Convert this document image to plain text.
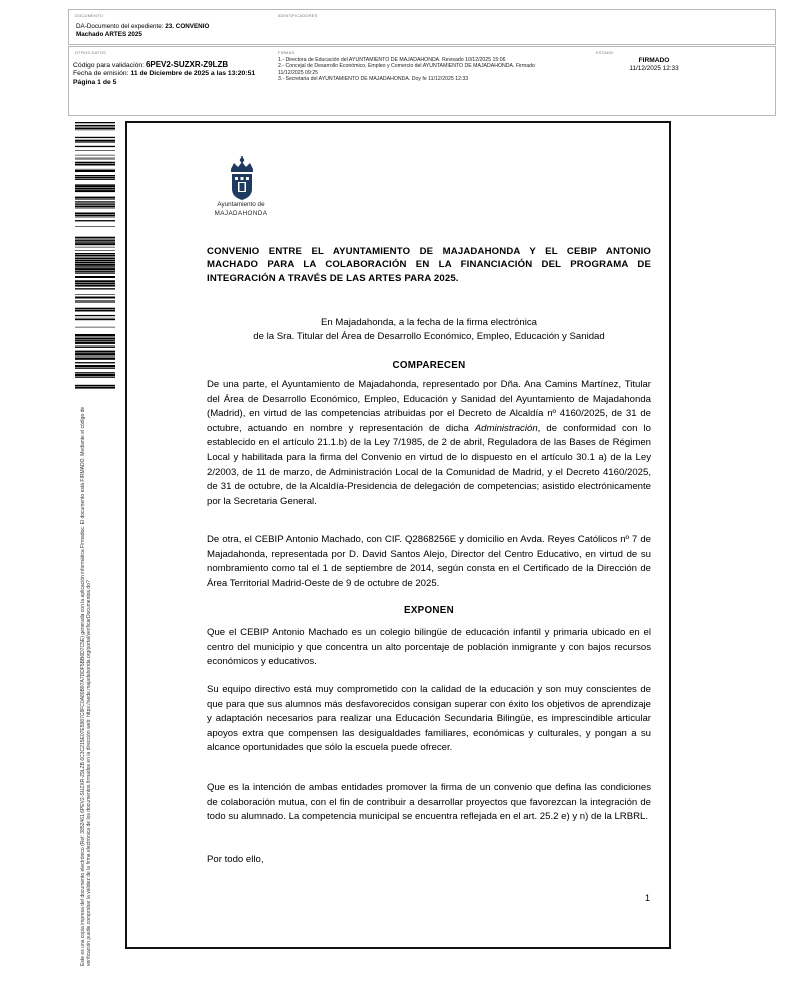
DOCUMENTO	IDENTIFICADORES
DA-Documento del expediente: 23. CONVENIO
Machado ARTES 2025
OTROS DATOS
Código para validación: 6PEV2-SUZXR-Z9LZB
Fecha de emisión: 11 de Diciembre de 2025 a las 13:20:51
Página 1 de 5
FIRMAS
1.- Directora de Educación del AYUNTAMIENTO DE MAJADAHONDA. Revisado 10/12/2025 15:06
2.- Concejal de Desarrollo Económico, Empleo y Comercio del AYUNTAMIENTO DE MAJADAHONDA. Firmado
11/12/2025 09:25
3.- Secretaria del AYUNTAMIENTO DE MAJADAHONDA. Doy fe 11/12/2025 12:33
ESTADO
FIRMADO
11/12/2025 12:33
Este es una copia impresa del documento electrónico (Ref: 3852461 6PEV2-SUZXR-Z9LZB 6C3C215E07E5987C8FC0A89B97A7DDF5BB6D7C5E) generada con la aplicación informática Firmadoc. El documento está FIRMADO. Mediante el código de verificación puede comprobar la validez de la firma electrónica de los documentos firmados en la dirección web: https://sede.majadahonda.org/portal/verificarDocumentos.do?
Ayuntamiento de
MAJADAHONDA
CONVENIO ENTRE EL AYUNTAMIENTO DE MAJADAHONDA Y EL CEBIP ANTONIO
MACHADO PARA LA COLABORACIÓN EN LA FINANCIACIÓN DEL PROGRAMA DE
INTEGRACIÓN A TRAVÉS DE LAS ARTES PARA 2025.
En Majadahonda, a la fecha de la firma electrónica
de la Sra. Titular del Área de Desarrollo Económico, Empleo, Educación y Sanidad
COMPARECEN
De una parte, el Ayuntamiento de Majadahonda, representado por Dña. Ana Camins Martínez, Titular del Área de Desarrollo Económico, Empleo, Educación y Sanidad del Ayuntamiento de Majadahonda (Madrid), en virtud de las competencias atribuidas por el Decreto de Alcaldía nº 4160/2025, de 31 de octubre, actuando en nombre y representación de dicha Administración, de conformidad con lo establecido en el artículo 21.1.b) de la Ley 7/1985, de 2 de abril, Reguladora de las Bases de Régimen Local y habilitada para la firma del Convenio en virtud de lo dispuesto en el artículo 30.1 a) de la Ley 2/2003, de 11 de marzo, de Administración Local de la Comunidad de Madrid, y el Decreto 4160/2025, de 31 de octubre, de la Alcaldía-Presidencia de delegación de competencias; asistido electrónicamente por la Secretaria General.
De otra, el CEBIP Antonio Machado, con CIF. Q2868256E y domicilio en Avda. Reyes Católicos nº 7 de Majadahonda, representada por D. David Santos Alejo, Director del Centro Educativo, en virtud de su nombramiento como tal el 1 de septiembre de 2014, según consta en el Certificado de la Dirección de Área Territorial Madrid-Oeste de 9 de octubre de 2025.
EXPONEN
Que el CEBIP Antonio Machado es un colegio bilingüe de educación infantil y primaria ubicado en el centro del municipio y que concentra un alto porcentaje de población inmigrante y con bajos recursos económicos y educativos.
Su equipo directivo está muy comprometido con la calidad de la educación y son muy conscientes de que para que sus alumnos más desfavorecidos consigan superar con éxito los objetivos de aprendizaje y adaptación necesarios para realizar una Educación Secundaria Bilingüe, es imprescindible articular apoyos extra que compensen las desigualdades familiares, económicas y culturales, y pongan a su alcance oportunidades que sólo la escuela puede ofrecer.
Que es la intención de ambas entidades promover la firma de un convenio que defina las condiciones de colaboración mutua, con el fin de contribuir a desarrollar proyectos que favorezcan la integración de todo su alumnado. La competencia municipal se encuentra reflejada en el art. 25.2 e) y n) de la LRBRL.
Por todo ello,
1
